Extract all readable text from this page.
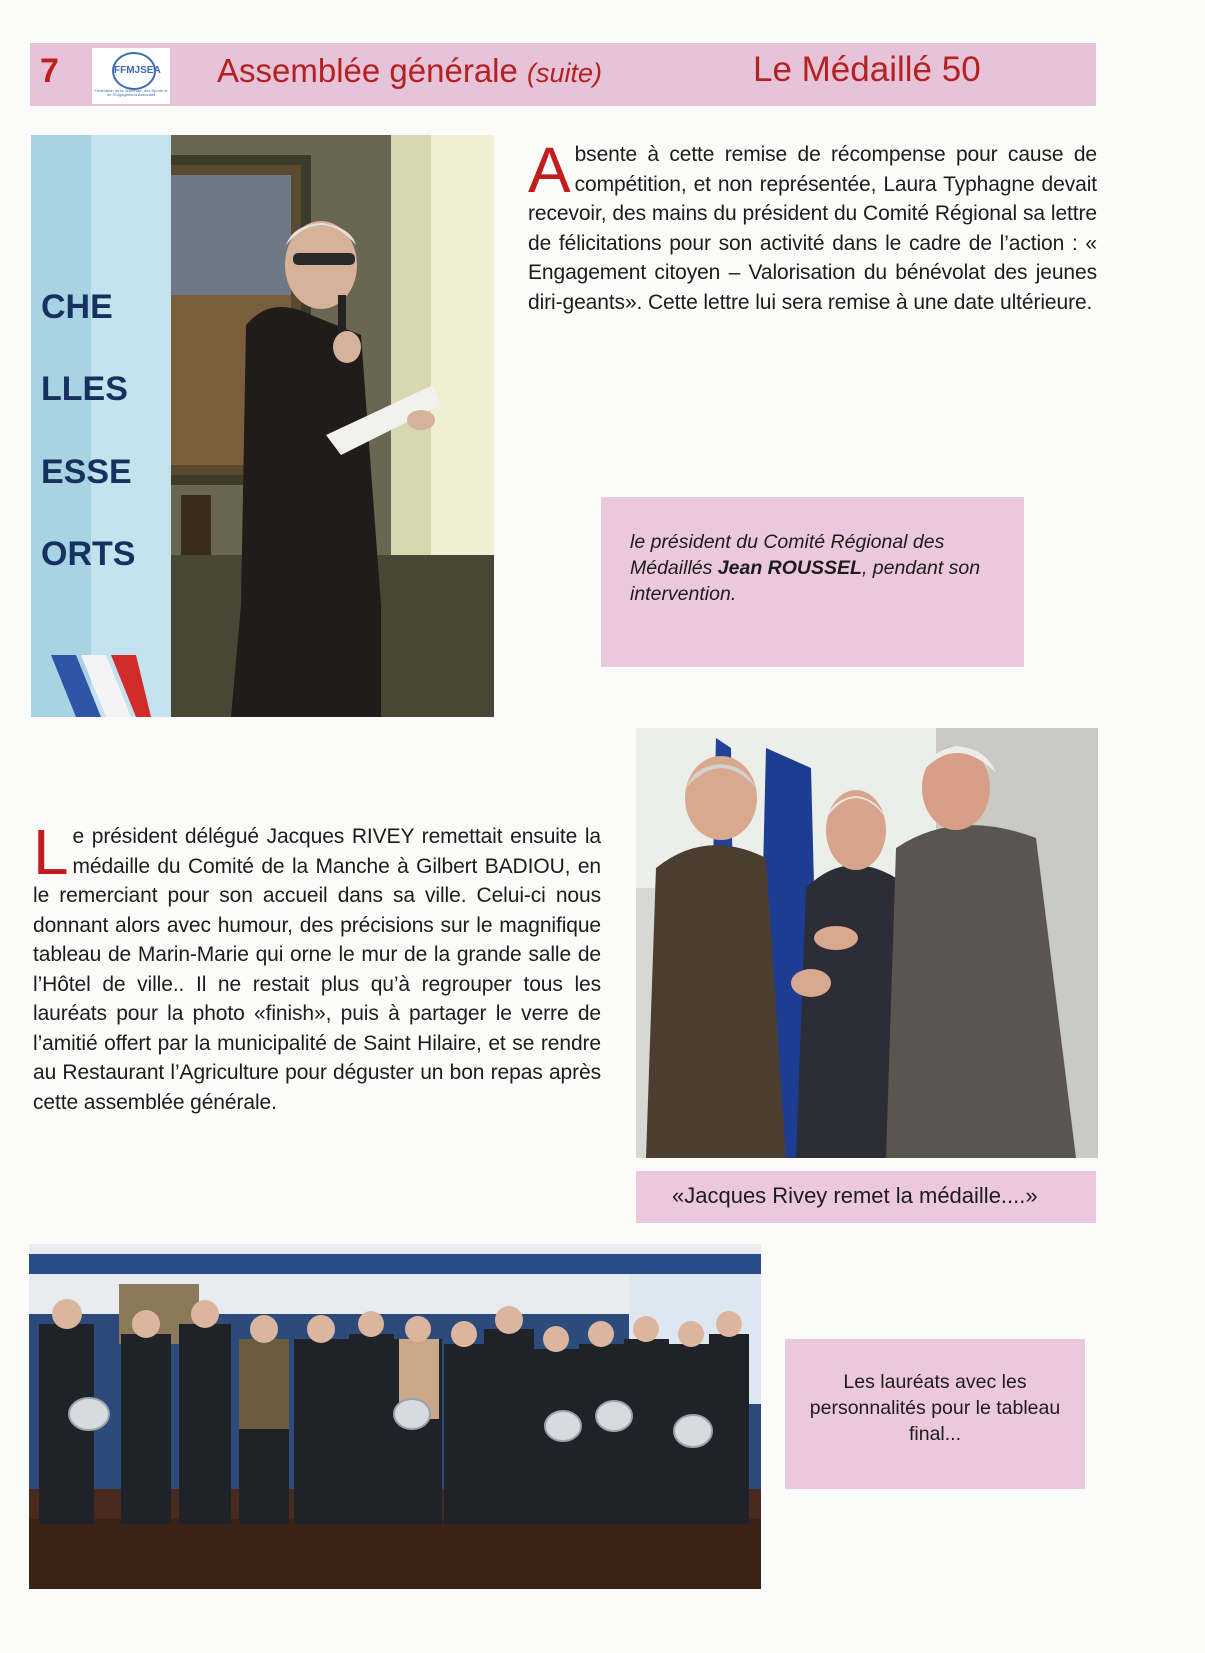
7	FFMJSEA
Fédération de la Jeunesse, des Sports et de l'Engagement Associatif
Assemblée générale (suite)	Le Médaillé 50
CHE
LLES
ESSE
ORTS
Absente à cette remise de récompense pour cause de compétition, et non représentée, Laura Typhagne devait recevoir, des mains du président du Comité Régional sa lettre de félicitations pour son activité dans le cadre de l’action : « Engagement citoyen – Valorisation du bénévolat des jeunes diri-geants». Cette lettre lui sera remise à une date ultérieure.

le président du Comité Régional des Médaillés Jean ROUSSEL, pendant son intervention.

Le président délégué Jacques RIVEY remettait ensuite la médaille du Comité de la Manche à Gilbert BADIOU, en le remerciant pour son accueil dans sa ville. Celui-ci nous donnant alors avec humour, des précisions sur le magnifique tableau de Marin-Marie qui orne le mur de la grande salle de l’Hôtel de ville.. Il ne restait plus qu’à regrouper tous les lauréats pour la photo «finish», puis à partager le verre de l’amitié offert par la municipalité de Saint Hilaire, et se rendre au Restaurant l’Agriculture pour déguster un bon repas après cette assemblée générale.

«Jacques Rivey remet la médaille....»

Les lauréats avec les personnalités pour le tableau final...
